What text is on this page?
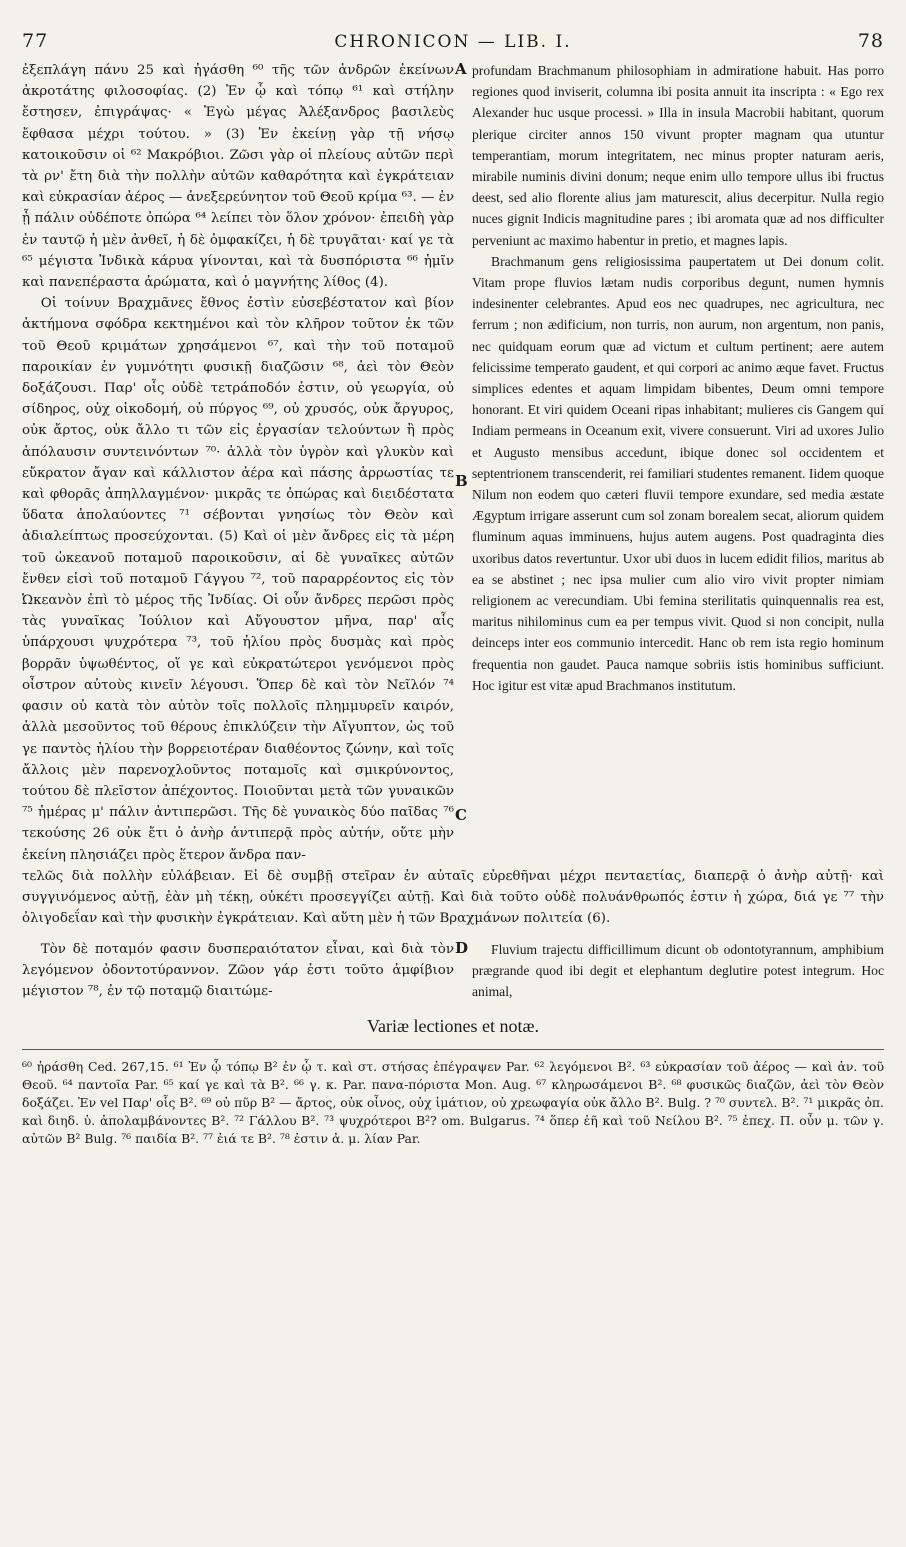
77	CHRONICON — LIB. I.	78

ἐξεπλάγη πάνυ 25 καὶ ἠγάσθη ⁶⁰ τῆς τῶν ἀνδρῶν ἐκείνων ἀκροτάτης φιλοσοφίας. (2) Ἐν ᾧ καὶ τόπῳ ⁶¹ καὶ στήλην ἔστησεν, ἐπιγράψας· « Ἐγὼ μέγας Ἀλέξανδρος βασιλεὺς ἔφθασα μέχρι τούτου. » (3) Ἐν ἐκείνῃ γὰρ τῇ νήσῳ κατοικοῦσιν οἱ ⁶² Μακρόβιοι. Ζῶσι γὰρ οἱ πλείους αὐτῶν περὶ τὰ ρν' ἔτη διὰ τὴν πολλὴν αὐτῶν καθαρότητα καὶ ἐγκράτειαν καὶ εὐκρασίαν ἀέρος — ἀνεξερεύνητον τοῦ Θεοῦ κρίμα ⁶³. — ἐν ᾗ πάλιν οὐδέποτε ὀπώρα ⁶⁴ λείπει τὸν ὅλον χρόνον· ἐπειδὴ γὰρ ἐν ταυτῷ ἡ μὲν ἀνθεῖ, ἡ δὲ ὀμφακίζει, ἡ δὲ τρυγᾶται· καί γε τὰ ⁶⁵ μέγιστα Ἰνδικὰ κάρυα γίνονται, καὶ τὰ δυσπόριστα ⁶⁶ ἡμῖν καὶ πανεπέραστα ἀρώματα, καὶ ὁ μαγνήτης λίθος (4).

Οἱ τοίνυν Βραχμᾶνες ἔθνος ἐστὶν εὐσεβέστατον καὶ βίον ἀκτήμονα σφόδρα κεκτημένοι καὶ τὸν κλῆρον τοῦτον ἐκ τῶν τοῦ Θεοῦ κριμάτων χρησάμενοι ⁶⁷, καὶ τὴν τοῦ ποταμοῦ παροικίαν ἐν γυμνότητι φυσικῇ διαζῶσιν ⁶⁸, ἀεὶ τὸν Θεὸν δοξάζουσι. Παρ' οἷς οὐδὲ τετράποδόν ἐστιν, οὐ γεωργία, οὐ σίδηρος, οὐχ οἰκοδομή, οὐ πύργος ⁶⁹, οὐ χρυσός, οὐκ ἄργυρος, οὐκ ἄρτος, οὐκ ἄλλο τι τῶν εἰς ἐργασίαν τελούντων ἢ πρὸς ἀπόλαυσιν συντεινόντων ⁷⁰· ἀλλὰ τὸν ὑγρὸν καὶ γλυκὺν καὶ εὔκρατον ἄγαν καὶ κάλλιστον ἀέρα καὶ πάσης ἀρρωστίας τε καὶ φθορᾶς ἀπηλλαγμένον· μικρᾶς τε ὀπώρας καὶ διειδέστατα ὕδατα ἀπολαύοντες ⁷¹ σέβονται γνησίως τὸν Θεὸν καὶ ἀδιαλείπτως προσεύχονται. (5) Καὶ οἱ μὲν ἄνδρες εἰς τὰ μέρη τοῦ ὠκεανοῦ ποταμοῦ παροικοῦσιν, αἱ δὲ γυναῖκες αὐτῶν ἔνθεν εἰσὶ τοῦ ποταμοῦ Γάγγου ⁷², τοῦ παραρρέοντος εἰς τὸν Ὠκεανὸν ἐπὶ τὸ μέρος τῆς Ἰνδίας. Οἱ οὖν ἄνδρες περῶσι πρὸς τὰς γυναῖκας Ἰούλιον καὶ Αὔγουστον μῆνα, παρ' αἷς ὑπάρχουσι ψυχρότερα ⁷³, τοῦ ἡλίου πρὸς δυσμὰς καὶ πρὸς βορρᾶν ὑψωθέντος, οἵ γε καὶ εὐκρατώτεροι γενόμενοι πρὸς οἶστρον αὐτοὺς κινεῖν λέγουσι. Ὅπερ δὲ καὶ τὸν Νεῖλόν ⁷⁴ φασιν οὐ κατὰ τὸν αὐτὸν τοῖς πολλοῖς πλημμυρεῖν καιρόν, ἀλλὰ μεσοῦντος τοῦ θέρους ἐπικλύζειν τὴν Αἴγυπτον, ὡς τοῦ γε παντὸς ἡλίου τὴν βορρειοτέραν διαθέοντος ζώνην, καὶ τοῖς ἄλλοις μὲν παρενοχλοῦντος ποταμοῖς καὶ σμικρύνοντος, τούτου δὲ πλεῖστον ἀπέχοντος. Ποιοῦνται μετὰ τῶν γυναικῶν ⁷⁵ ἡμέρας μ' πάλιν ἀντιπερῶσι. Τῆς δὲ γυναικὸς δύο παῖδας ⁷⁶ τεκούσης 26 οὐκ ἔτι ὁ ἀνὴρ ἀντιπερᾷ πρὸς αὐτήν, οὔτε μὴν ἐκείνη πλησιάζει πρὸς ἕτερον ἄνδρα παν-

A
B
C

profundam Brachmanum philosophiam in admiratione habuit. Has porro regiones quod inviserit, columna ibi posita annuit ita inscripta : « Ego rex Alexander huc usque processi. » Illa in insula Macrobii habitant, quorum plerique circiter annos 150 vivunt propter magnam qua utuntur temperantiam, morum integritatem, nec minus propter naturam aeris, mirabile numinis divini donum; neque enim ullo tempore ullus ibi fructus deest, sed alio florente alius jam maturescit, alius decerpitur. Nulla regio nuces gignit Indicis magnitudine pares ; ibi aromata quæ ad nos difficulter perveniunt ac maximo habentur in pretio, et magnes lapis.

Brachmanum gens religiosissima paupertatem ut Dei donum colit. Vitam prope fluvios lætam nudis corporibus degunt, numen hymnis indesinenter celebrantes. Apud eos nec quadrupes, nec agricultura, nec ferrum ; non ædificium, non turris, non aurum, non argentum, non panis, nec quidquam eorum quæ ad victum et cultum pertinent; aere autem felicissime temperato gaudent, et qui corpori ac animo æque favet. Fructus simplices edentes et aquam limpidam bibentes, Deum omni tempore honorant. Et viri quidem Oceani ripas inhabitant; mulieres cis Gangem qui Indiam permeans in Oceanum exit, vivere consuerunt. Viri ad uxores Julio et Augusto mensibus accedunt, ibique donec sol occidentem et septentrionem transcenderit, rei familiari studentes remanent. Iidem quoque Nilum non eodem quo cæteri fluvii tempore exundare, sed media æstate Ægyptum irrigare asserunt cum sol zonam borealem secat, aliorum quidem fluminum aquas imminuens, hujus autem augens. Post quadraginta dies uxoribus datos revertuntur. Uxor ubi duos in lucem edidit filios, maritus ab ea se abstinet ; nec ipsa mulier cum alio viro vivit propter nimiam religionem ac verecundiam. Ubi femina sterilitatis quinquennalis rea est, maritus nihilominus cum ea per tempus vivit. Quod si non concipit, nulla deinceps inter eos communio intercedit. Hanc ob rem ista regio hominum frequentia non gaudet. Pauca namque sobriis istis hominibus sufficiunt. Hoc igitur est vitæ apud Brachmanos institutum.

τελῶς διὰ πολλὴν εὐλάβειαν. Εἰ δὲ συμβῇ στεῖραν ἐν αὐταῖς εὑρεθῆναι μέχρι πενταετίας, διαπερᾷ ὁ ἀνὴρ αὐτῇ· καὶ συγγινόμενος αὐτῇ, ἐὰν μὴ τέκῃ, οὐκέτι προσεγγίζει αὐτῇ. Καὶ διὰ τοῦτο οὐδὲ πολυάνθρωπός ἐστιν ἡ χώρα, διά γε ⁷⁷ τὴν ὀλιγοδεΐαν καὶ τὴν φυσικὴν ἐγκράτειαν. Καὶ αὕτη μὲν ἡ τῶν Βραχμάνων πολιτεία (6).

Τὸν δὲ ποταμόν φασιν δυσπεραιότατον εἶναι, καὶ διὰ τὸν λεγόμενον ὀδοντοτύραννον. Ζῶον γάρ ἐστι τοῦτο ἀμφίβιον μέγιστον ⁷⁸, ἐν τῷ ποταμῷ διαιτώμε-

D	Fluvium trajectu difficillimum dicunt ob odontotyrannum, amphibium prægrande quod ibi degit et elephantum deglutire potest integrum. Hoc animal,

Variæ lectiones et notæ.

⁶⁰ ἠράσθη Ced. 267,15. ⁶¹ Ἐν ᾧ τόπῳ B² ἐν ᾧ τ. καὶ στ. στήσας ἐπέγραψεν Par. ⁶² λεγόμενοι B². ⁶³ εὐκρασίαν τοῦ ἀέρος — καὶ ἀν. τοῦ Θεοῦ. ⁶⁴ παντοῖα Par. ⁶⁵ καί γε καὶ τὰ B². ⁶⁶ γ. κ. Par. πανα-πόριστα Mon. Aug. ⁶⁷ κληρωσάμενοι B². ⁶⁸ φυσικῶς διαζῶν, ἀεὶ τὸν Θεὸν δοξάζει. Ἐν vel Παρ' οἷς B². ⁶⁹ οὐ πῦρ B² — ἄρτος, οὐκ οἶνος, οὐχ ἱμάτιον, οὐ χρεωφαγία οὐκ ἄλλο B². Bulg. ? ⁷⁰ συντελ. B². ⁷¹ μικρᾶς ὀπ. καὶ διηδ. ὑ. ἀπολαμβάνοντες B². ⁷² Γάλλου B². ⁷³ ψυχρότεροι B²? om. Bulgarus. ⁷⁴ ὅπερ ἐῆ καὶ τοῦ Νείλου B². ⁷⁵ ἐπεχ. Π. οὖν μ. τῶν γ. αὐτῶν B² Bulg. ⁷⁶ παιδία B². ⁷⁷ ἐιά τε B². ⁷⁸ ἐστιν ἀ. μ. λίαν Par.
